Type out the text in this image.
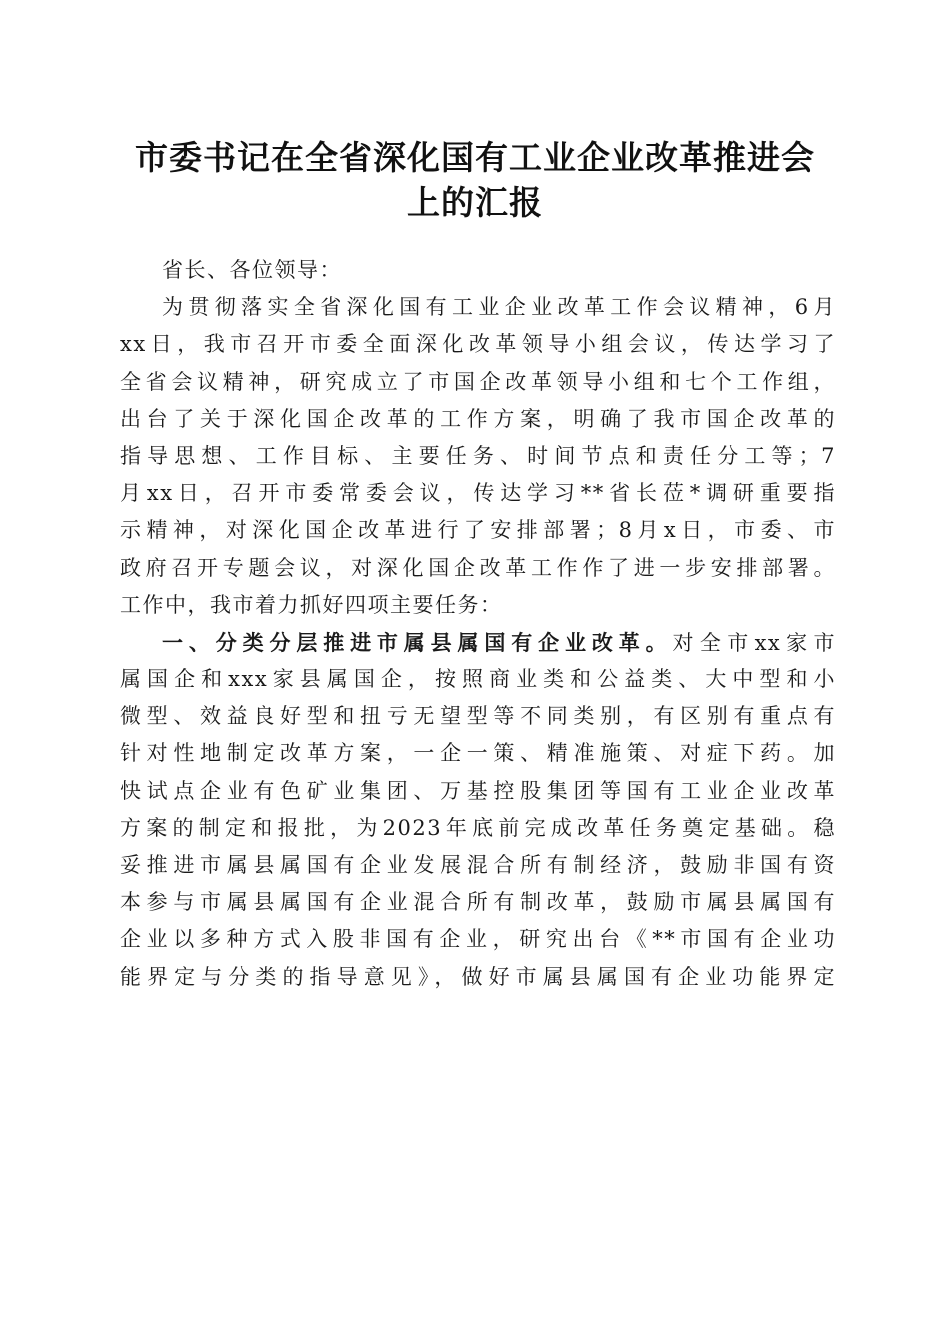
市委书记在全省深化国有工业企业改革推进会
上的汇报
省长、各位领导：
为贯彻落实全省深化国有工业企业改革工作会议精神，6月
xx日，我市召开市委全面深化改革领导小组会议，传达学习了
全省会议精神，研究成立了市国企改革领导小组和七个工作组，
出台了关于深化国企改革的工作方案，明确了我市国企改革的
指导思想、工作目标、主要任务、时间节点和责任分工等；7
月xx日，召开市委常委会议，传达学习**省长莅*调研重要指
示精神，对深化国企改革进行了安排部署；8月x日，市委、市
政府召开专题会议，对深化国企改革工作作了进一步安排部署。
工作中，我市着力抓好四项主要任务：
一、分类分层推进市属县属国有企业改革。对全市xx家市
属国企和xxx家县属国企，按照商业类和公益类、大中型和小
微型、效益良好型和扭亏无望型等不同类别，有区别有重点有
针对性地制定改革方案，一企一策、精准施策、对症下药。加
快试点企业有色矿业集团、万基控股集团等国有工业企业改革
方案的制定和报批，为2023年底前完成改革任务奠定基础。稳
妥推进市属县属国有企业发展混合所有制经济，鼓励非国有资
本参与市属县属国有企业混合所有制改革，鼓励市属县属国有
企业以多种方式入股非国有企业，研究出台《**市国有企业功
能界定与分类的指导意见》，做好市属县属国有企业功能界定
